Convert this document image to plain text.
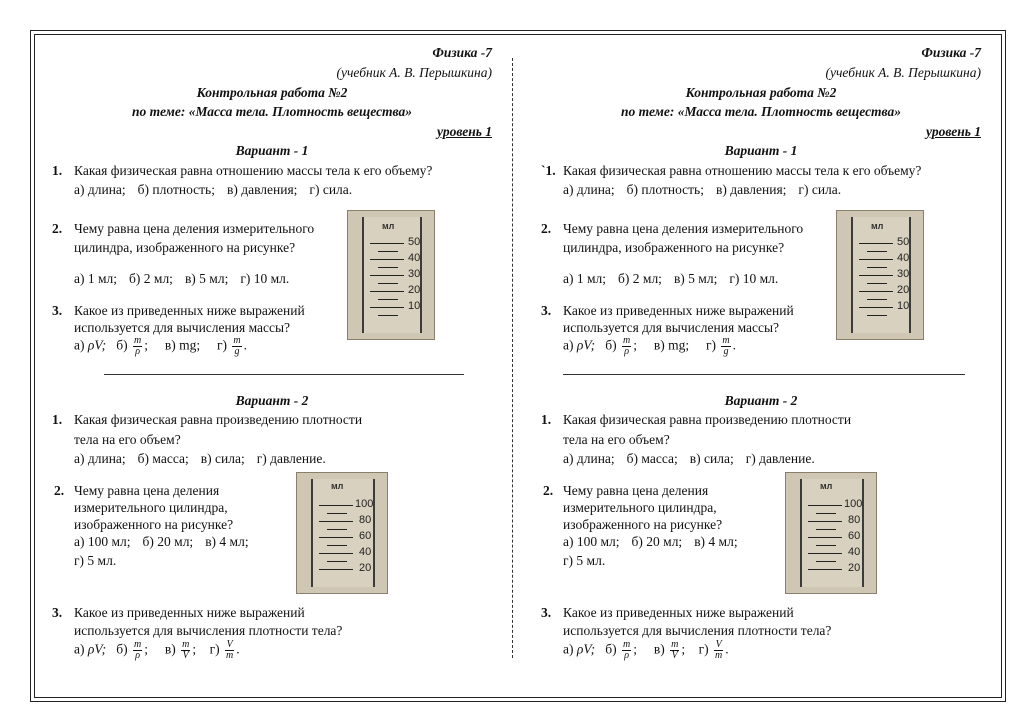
Физика -7
(учебник А. В. Перышкина)
Контрольная работа №2
по теме: «Масса тела. Плотность вещества»
уровень 1
Вариант - 1
1. Какая физическая равна отношению массы тела к его объему?
а) длина; б) плотность; в) давления; г) сила.
2. Чему равна цена деления измерительного
цилиндра, изображенного на рисунке?
а) 1 мл; б) 2 мл; в) 5 мл; г) 10 мл.
3. Какое из приведенных ниже выражений
используется для вычисления массы?
а) ρV; $б) \frac{m}{\rho}$ ; в) mg; $г) \frac{m}{g}$ .
мл
50
40
30
20
10
Вариант - 2
1. Какая физическая равна произведению плотности
тела на его объем?
а) длина; б) масса; в) сила; г) давление.
2. Чему равна цена деления
измерительного цилиндра,
изображенного на рисунке?
а) 100 мл; б) 20 мл; в) 4 мл;
г) 5 мл.
мл
100
80
60
40
20
3. Какое из приведенных ниже выражений
используется для вычисления плотности тела?
а) ρV; $б) \frac{m}{\rho}$ ; $в) \frac{m}{V}$ ; $г) \frac{V}{m}$ .
Физика -7
(учебник А. В. Перышкина)
Контрольная работа №2
по теме: «Масса тела. Плотность вещества»
уровень 1
Вариант - 1
`1. Какая физическая равна отношению массы тела к его объему?
а) длина; б) плотность; в) давления; г) сила.
2. Чему равна цена деления измерительного
цилиндра, изображенного на рисунке?
а) 1 мл; б) 2 мл; в) 5 мл; г) 10 мл.
3. Какое из приведенных ниже выражений
используется для вычисления массы?
а) ρV; $б) \frac{m}{\rho}$ ; в) mg; $г) \frac{m}{g}$ .
мл
50
40
30
20
10
Вариант - 2
1. Какая физическая равна произведению плотности
тела на его объем?
а) длина; б) масса; в) сила; г) давление.
2. Чему равна цена деления
измерительного цилиндра,
изображенного на рисунке?
а) 100 мл; б) 20 мл; в) 4 мл;
г) 5 мл.
мл
100
80
60
40
20
3. Какое из приведенных ниже выражений
используется для вычисления плотности тела?
а) ρV; $б) \frac{m}{\rho}$ ; $в) \frac{m}{V}$ ; $г) \frac{V}{m}$ .
